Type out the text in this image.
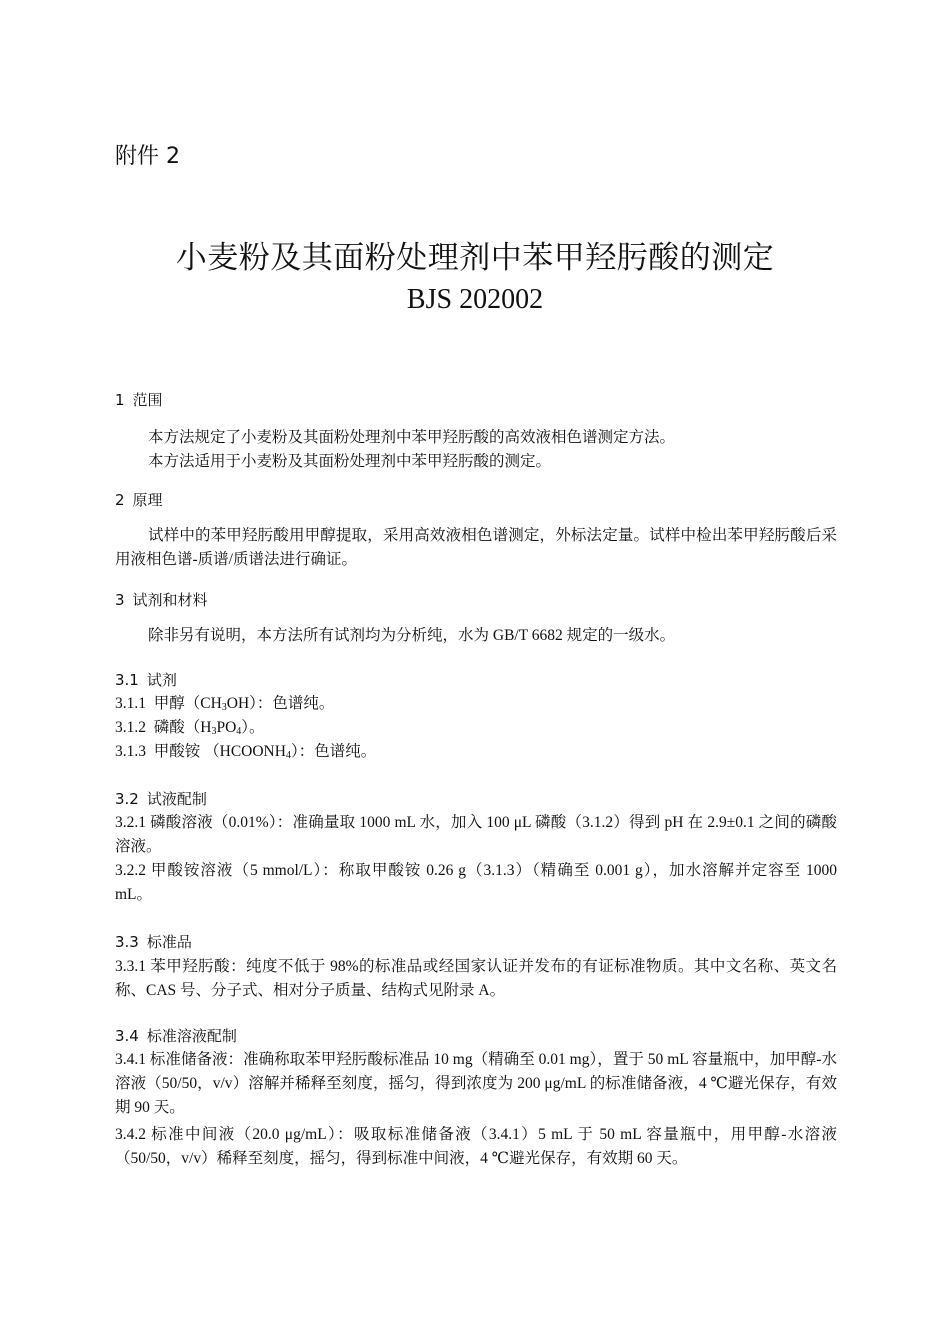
附件 2
小麦粉及其面粉处理剂中苯甲羟肟酸的测定
BJS 202002
1 范围
本方法规定了小麦粉及其面粉处理剂中苯甲羟肟酸的高效液相色谱测定方法。
本方法适用于小麦粉及其面粉处理剂中苯甲羟肟酸的测定。
2 原理
试样中的苯甲羟肟酸用甲醇提取，采用高效液相色谱测定，外标法定量。试样中检出苯甲羟肟酸后采用液相色谱-质谱/质谱法进行确证。
3 试剂和材料
除非另有说明，本方法所有试剂均为分析纯，水为 GB/T 6682 规定的一级水。
3.1 试剂
3.1.1 甲醇$(CH_3OH)$：色谱纯。
3.1.2 磷酸$(H_3PO_4)$。
3.1.3 甲酸铵 $(HCOONH_4)$：色谱纯。
3.2 试液配制
3.2.1 磷酸溶液（0.01%）：准确量取 1000 mL 水，加入 100 μL 磷酸（3.1.2）得到 pH 在 2.9±0.1 之间的磷酸溶液。
3.2.2 甲酸铵溶液（5 mmol/L）：称取甲酸铵 0.26 g（3.1.3）（精确至 0.001 g），加水溶解并定容至 1000 mL。
3.3 标准品
3.3.1 苯甲羟肟酸：纯度不低于 98%的标准品或经国家认证并发布的有证标准物质。其中文名称、英文名称、CAS 号、分子式、相对分子质量、结构式见附录 A。
3.4 标准溶液配制
3.4.1 标准储备液：准确称取苯甲羟肟酸标准品 10 mg（精确至 0.01 mg），置于 50 mL 容量瓶中，加甲醇-水溶液（50/50，v/v）溶解并稀释至刻度，摇匀，得到浓度为 200 μg/mL 的标准储备液，4 ℃避光保存，有效期 90 天。
3.4.2 标准中间液（20.0 μg/mL）：吸取标准储备液（3.4.1）5 mL 于 50 mL 容量瓶中，用甲醇-水溶液（50/50，v/v）稀释至刻度，摇匀，得到标准中间液，4 ℃避光保存，有效期 60 天。
